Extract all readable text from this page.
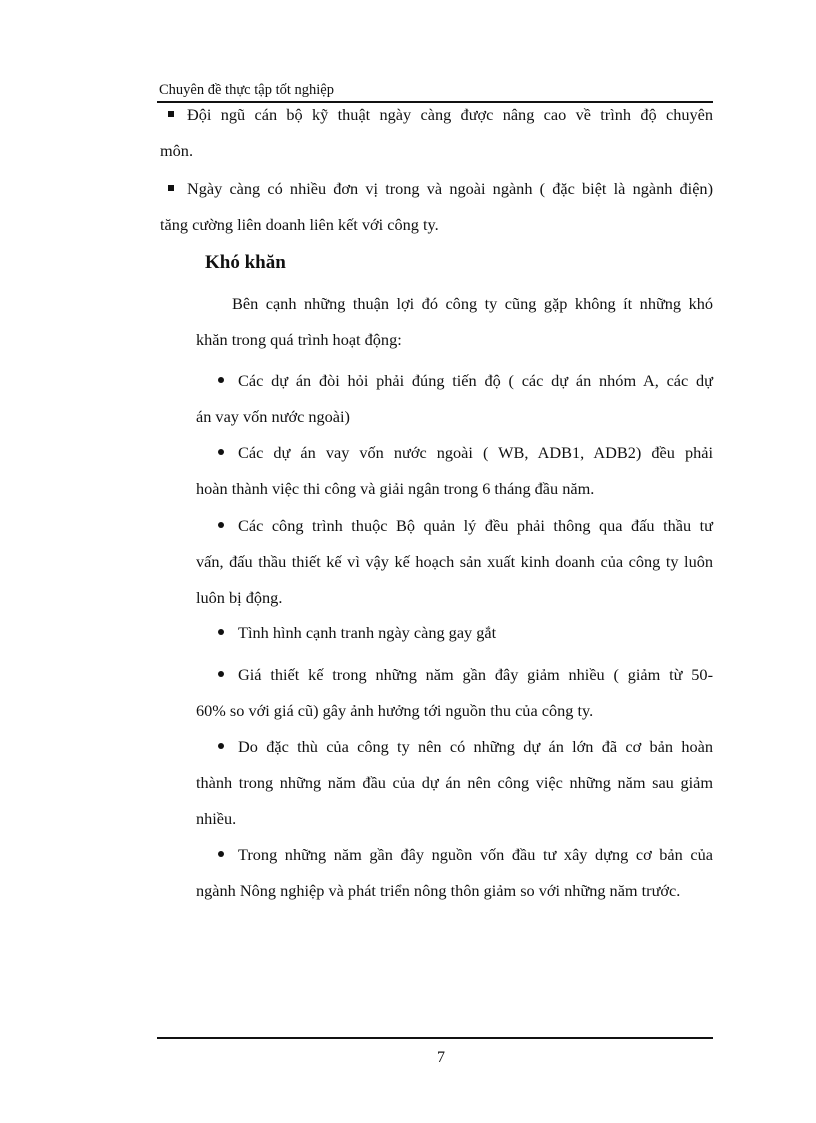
Chuyên đề thực tập tốt nghiệp
Đội ngũ cán bộ kỹ thuật ngày càng được nâng cao về trình độ chuyên
môn.
Ngày càng có nhiều đơn vị trong và ngoài ngành ( đặc biệt là ngành điện)
tăng cường liên doanh liên kết với công ty.
Khó khăn
Bên cạnh những thuận lợi đó công ty cũng gặp không ít những khó
khăn trong quá trình hoạt động:
Các dự án đòi hỏi phải đúng tiến độ ( các dự án nhóm A, các dự
án vay vốn nước ngoài)
Các dự án vay vốn nước ngoài ( WB, ADB1, ADB2) đều phải
hoàn thành việc thi công và giải ngân trong 6 tháng đầu năm.
Các công trình thuộc Bộ quản lý đều phải thông qua đấu thầu tư
vấn, đấu thầu thiết kế vì vậy kế hoạch sản xuất kinh doanh của công ty luôn luôn bị động.
Tình hình cạnh tranh ngày càng gay gắt
Giá thiết kế trong những năm gần đây giảm nhiều ( giảm từ 50-
60% so với giá cũ) gây ảnh hưởng tới nguồn thu của công ty.
Do đặc thù của công ty nên có những dự án lớn đã cơ bản hoàn
thành trong những năm đầu của dự án nên công việc những năm sau giảm nhiều.
Trong những năm gần đây nguồn vốn đầu tư xây dựng cơ bản của
ngành Nông nghiệp và phát triển nông thôn giảm so với những năm trước.
7
